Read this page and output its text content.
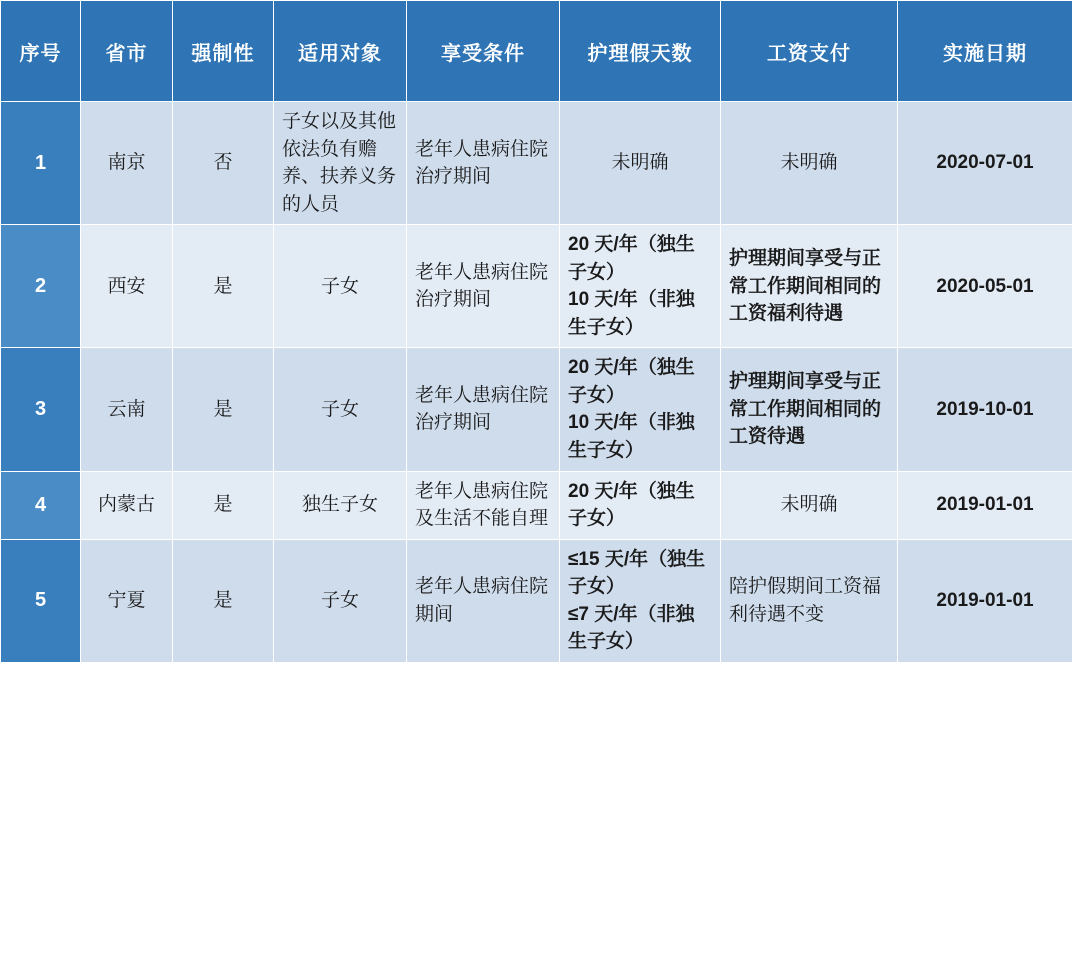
序号	省市	强制性	适用对象	享受条件	护理假天数	工资支付	实施日期
1	南京	否	子女以及其他依法负有赡养、扶养义务的人员	老年人患病住院治疗期间	未明确	未明确	2020-07-01
2	西安	是	子女	老年人患病住院治疗期间	20 天/年（独生子女）
10 天/年（非独生子女）	护理期间享受与正常工作期间相同的工资福利待遇	2020-05-01
3	云南	是	子女	老年人患病住院治疗期间	20 天/年（独生子女）
10 天/年（非独生子女）	护理期间享受与正常工作期间相同的工资待遇	2019-10-01
4	内蒙古	是	独生子女	老年人患病住院及生活不能自理	20 天/年（独生子女）	未明确	2019-01-01
5	宁夏	是	子女	老年人患病住院期间	≤15 天/年（独生子女）
≤7 天/年（非独生子女）	陪护假期间工资福利待遇不变	2019-01-01
